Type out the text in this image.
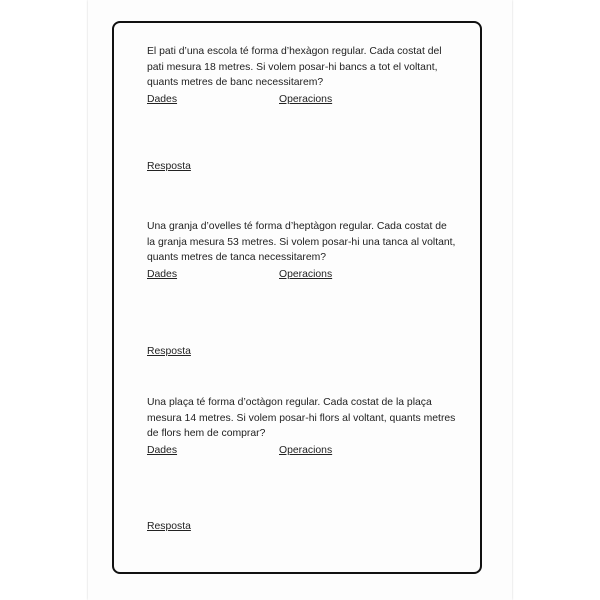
El pati d’una escola té forma d’hexàgon regular. Cada costat del pati mesura 18 metres. Si volem posar-hi bancs a tot el voltant, quants metres de banc necessitarem?

Dades	Operacions
Resposta

Una granja d’ovelles té forma d’heptàgon regular. Cada costat de la granja mesura 53 metres. Si volem posar-hi una tanca al voltant, quants metres de tanca necessitarem?

Dades	Operacions
Resposta

Una plaça té forma d’octàgon regular. Cada costat de la plaça mesura 14 metres. Si volem posar-hi flors al voltant, quants metres de flors hem de comprar?

Dades	Operacions
Resposta
